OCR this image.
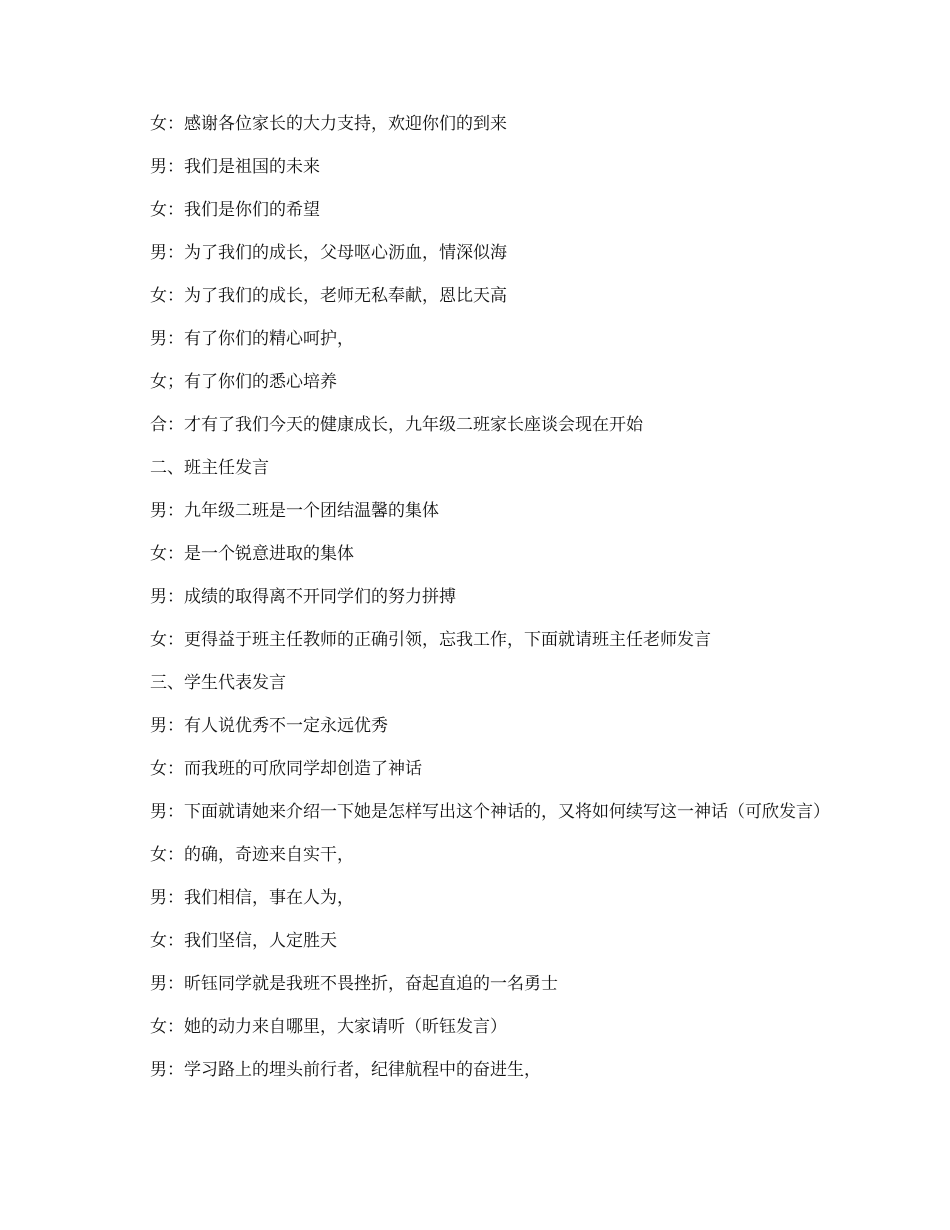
女：感谢各位家长的大力支持，欢迎你们的到来

男：我们是祖国的未来

女：我们是你们的希望

男：为了我们的成长，父母呕心沥血，情深似海

女：为了我们的成长，老师无私奉献，恩比天高

男：有了你们的精心呵护，

女；有了你们的悉心培养

合：才有了我们今天的健康成长，九年级二班家长座谈会现在开始

二、班主任发言

男：九年级二班是一个团结温馨的集体

女：是一个锐意进取的集体

男：成绩的取得离不开同学们的努力拼搏

女：更得益于班主任教师的正确引领，忘我工作，下面就请班主任老师发言

三、学生代表发言

男：有人说优秀不一定永远优秀

女：而我班的可欣同学却创造了神话

男：下面就请她来介绍一下她是怎样写出这个神话的，又将如何续写这一神话（可欣发言）

女：的确，奇迹来自实干，

男：我们相信，事在人为，

女：我们坚信，人定胜天

男：昕钰同学就是我班不畏挫折，奋起直追的一名勇士

女：她的动力来自哪里，大家请听（昕钰发言）

男：学习路上的埋头前行者，纪律航程中的奋进生，
